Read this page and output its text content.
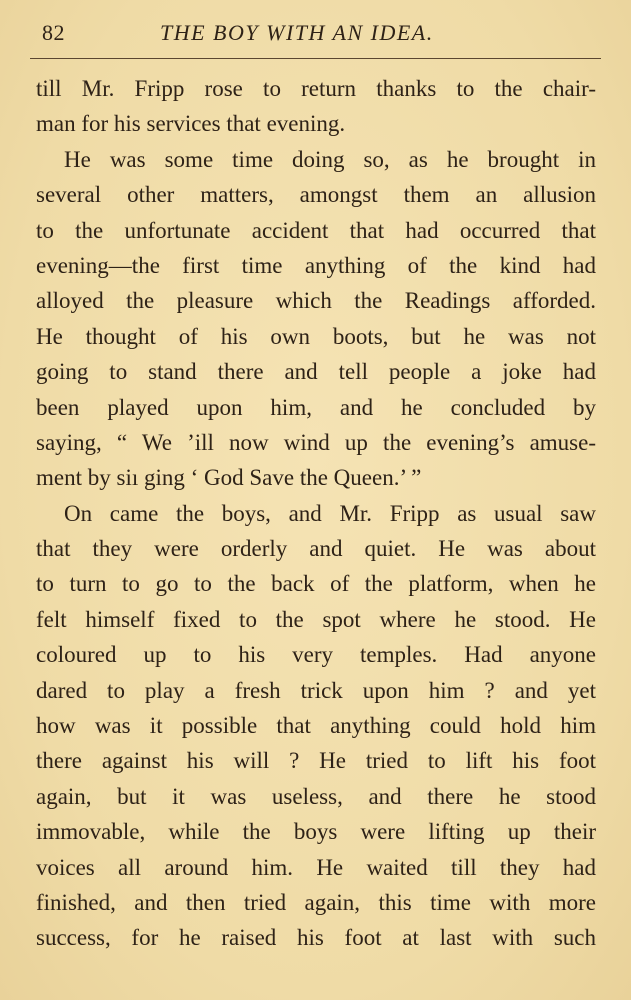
82	THE BOY WITH AN IDEA.
till Mr. Fripp rose to return thanks to the chair-
man for his services that evening.
He was some time doing so, as he brought in
several other matters, amongst them an allusion
to the unfortunate accident that had occurred that
evening—the first time anything of the kind had
alloyed the pleasure which the Readings afforded.
He thought of his own boots, but he was not
going to stand there and tell people a joke had
been played upon him, and he concluded by
saying, “ We ’ill now wind up the evening’s amuse-
ment by siı ging ‘ God Save the Queen.’ ”
On came the boys, and Mr. Fripp as usual saw
that they were orderly and quiet. He was about
to turn to go to the back of the platform, when he
felt himself fixed to the spot where he stood. He
coloured up to his very temples. Had anyone
dared to play a fresh trick upon him ? and yet
how was it possible that anything could hold him
there against his will ? He tried to lift his foot
again, but it was useless, and there he stood
immovable, while the boys were lifting up their
voices all around him. He waited till they had
finished, and then tried again, this time with more
success, for he raised his foot at last with such
